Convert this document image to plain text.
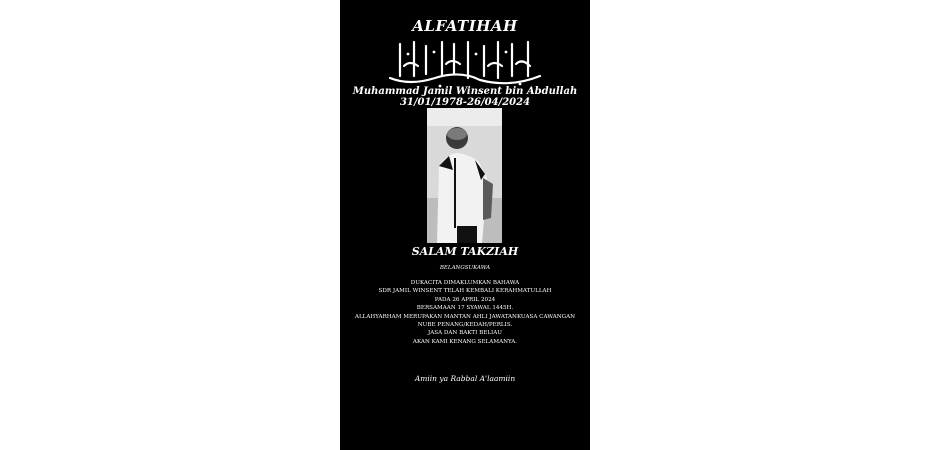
ALFATIHAH
Muhammad Jamil Winsent bin Abdullah
31/01/1978-26/04/2024
SALAM TAKZIAH
BELANGSUKAWA
DUKACITA DIMAKLUMKAN BAHAWA
SDR JAMIL WINSENT TELAH KEMBALI KERAHMATULLAH
PADA 26 APRIL 2024
BERSAMAAN 17 SYAWAL 1445H.
ALLAHYARHAM MERUPAKAN MANTAN AHLI JAWATANKUASA CAWANGAN
NUBE PENANG/KEDAH/PERLIS.
JASA DAN BAKTI BELIAU
AKAN KAMI KENANG SELAMANYA.
Amiin ya Rabbal A'laamiin
